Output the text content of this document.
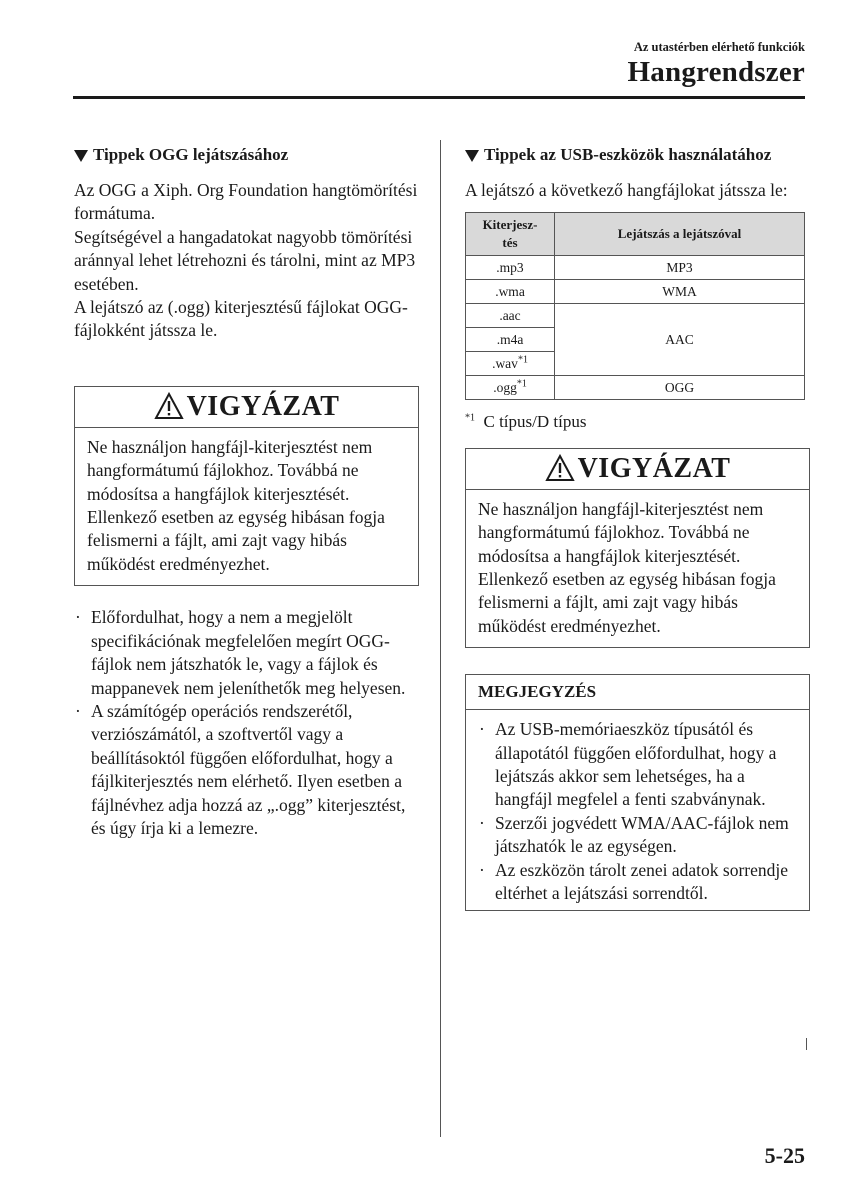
Az utastérben elérhető funkciók
Hangrendszer
Tippek OGG lejátszásához

Az OGG a Xiph. Org Foundation hangtömörítési formátuma.

Segítségével a hangadatokat nagyobb tömörítési aránnyal lehet létrehozni és tárolni, mint az MP3 esetében.

A lejátszó az (.ogg) kiterjesztésű fájlokat OGG-fájlokként játssza le.

VIGYÁZAT
Ne használjon hangfájl-kiterjesztést nem hangformátumú fájlokhoz. Továbbá ne módosítsa a hangfájlok kiterjesztését. Ellenkező esetben az egység hibásan fogja felismerni a fájlt, ami zajt vagy hibás működést eredményezhet.
· Előfordulhat, hogy a nem a megjelölt specifikációnak megfelelően megírt OGG-fájlok nem játszhatók le, vagy a fájlok és mappanevek nem jeleníthetők meg helyesen.
· A számítógép operációs rendszerétől, verziószámától, a szoftvertől vagy a beállításoktól függően előfordulhat, hogy a fájlkiterjesztés nem elérhető. Ilyen esetben a fájlnévhez adja hozzá az „.ogg” kiterjesztést, és úgy írja ki a lemezre.
Tippek az USB-eszközök használatához

A lejátszó a következő hangfájlokat játssza le:

Kiterjesz-
tés	Lejátszás a lejátszóval
.mp3	MP3
.wma	WMA
.aac	AAC
.m4a	
.wav$^{*1}$
.ogg$^{*1}$	OGG
$^{*1}$ C típus/D típus
VIGYÁZAT
Ne használjon hangfájl-kiterjesztést nem hangformátumú fájlokhoz. Továbbá ne módosítsa a hangfájlok kiterjesztését. Ellenkező esetben az egység hibásan fogja felismerni a fájlt, ami zajt vagy hibás működést eredményezhet.
MEGJEGYZÉS
· Az USB-memóriaeszköz típusától és állapotától függően előfordulhat, hogy a lejátszás akkor sem lehetséges, ha a hangfájl megfelel a fenti szabványnak.
· Szerzői jogvédett WMA/AAC-fájlok nem játszhatók le az egységen.
· Az eszközön tárolt zenei adatok sorrendje eltérhet a lejátszási sorrendtől.
5-25
